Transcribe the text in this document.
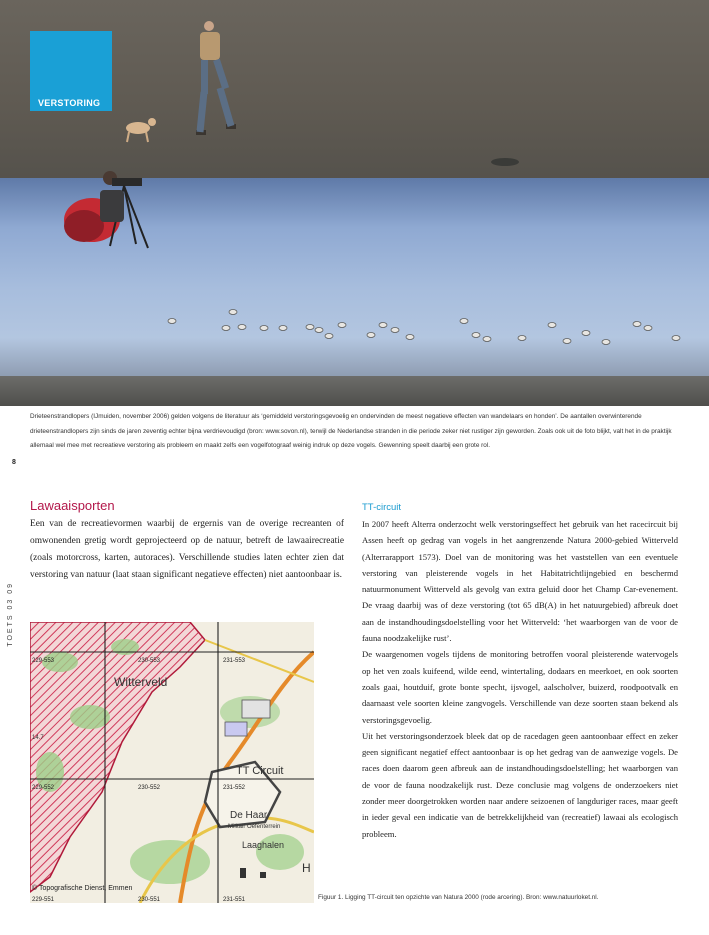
VERSTORING
Drieteenstrandlopers (IJmuiden, november 2006) gelden volgens de literatuur als ‘gemiddeld verstoringsgevoelig en ondervinden de meest negatieve effecten van wandelaars en honden’. De aantallen overwinterende drieteenstrandlopers zijn sinds de jaren zeventig echter bijna verdrievoudigd (bron: www.sovon.nl), terwijl de Nederlandse stranden in die periode zeker niet rustiger zijn geworden. Zoals ook uit de foto blijkt, valt het in de praktijk allemaal wel mee met recreatieve verstoring als probleem en maakt zelfs een vogelfotograaf weinig indruk op deze vogels. Gewenning speelt daarbij een grote rol.
8
TOETS 03 09
Lawaaisporten

Een van de recreatievormen waarbij de ergernis van de overige recreanten of omwonenden gretig wordt geprojecteerd op de natuur, betreft de lawaairecreatie (zoals motorcross, karten, autoraces). Verschillende studies laten echter zien dat verstoring van natuur (laat staan significant negatieve effecten) niet aantoonbaar is.

TT-circuit

In 2007 heeft Alterra onderzocht welk verstoringseffect het gebruik van het racecircuit bij Assen heeft op gedrag van vogels in het aangrenzende Natura 2000-gebied Witterveld (Alterrarapport 1573). Doel van de monitoring was het vaststellen van een eventuele verstoring van pleisterende vogels in het Habitatrichtlijngebied en beschermd natuurmonument Witterveld als gevolg van extra geluid door het Champ Car-evenement. De vraag daarbij was of deze verstoring (tot 65 dB(A) in het natuurgebied) afbreuk doet aan de instandhoudingsdoelstelling voor het Witterveld: ‘het waarborgen van de voor de fauna noodzakelijke rust’.

De waargenomen vogels tijdens de monitoring betroffen vooral pleisterende watervogels op het ven zoals kuifeend, wilde eend, wintertaling, dodaars en meerkoet, en ook soorten zoals gaai, houtduif, grote bonte specht, ijsvogel, aalscholver, buizerd, roodpootvalk en daarnaast vele soorten kleine zangvogels. Verschillende van deze soorten staan bekend als verstoringsgevoelig.

Uit het verstoringsonderzoek bleek dat op de racedagen geen aantoonbaar effect en zeker geen significant negatief effect aantoonbaar is op het gedrag van de aanwezige vogels. De races doen daarom geen afbreuk aan de instandhoudingsdoelstelling; het waarborgen van de voor de fauna noodzakelijk rust. Deze conclusie mag volgens de onderzoekers niet zonder meer doorgetrokken worden naar andere seizoenen of langduriger races, maar geeft in ieder geval een indicatie van de betrekkelijkheid van (recreatief) lawaai als ecologisch probleem.

Witterveld
TT Circuit
De Haar
Militair Oefenterrein
Laaghalen
© Topografische Dienst, Emmen
14.7
H
229-553	230-553	231-553
229-552	230-552	231-552
229-551	230-551	231-551	Figuur 1. Ligging TT-circuit ten opzichte van Natura 2000 (rode arcering). Bron: www.natuurloket.nl.
